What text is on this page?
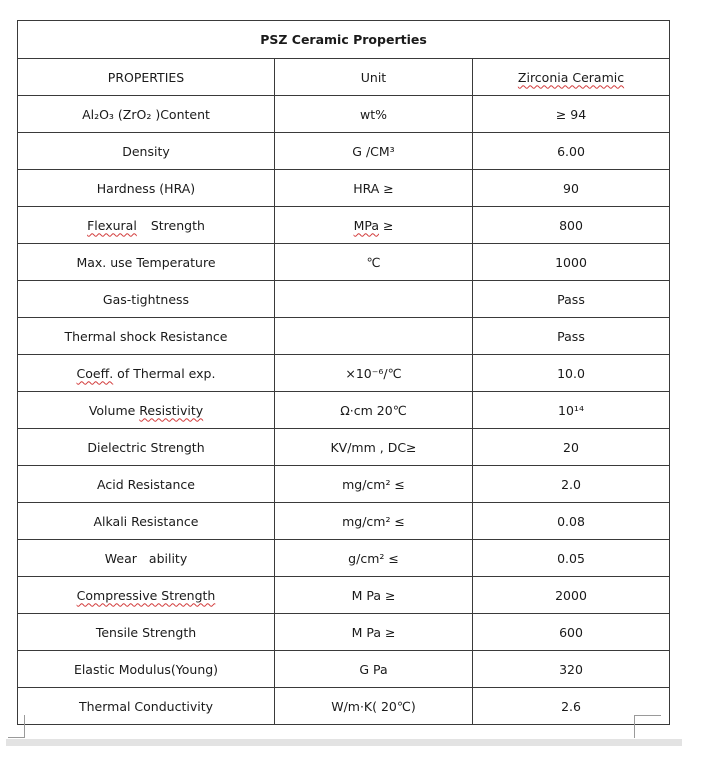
PSZ Ceramic Properties		
PROPERTIES	Unit	Zirconia Ceramic
Al₂O₃ (ZrO₂ )Content	wt%	≥ 94
Density	G /CM³	6.00
Hardness (HRA)	HRA ≥	90
Flexural Strength	MPa ≥	800
Max. use Temperature	℃	1000
Gas-tightness		Pass
Thermal shock Resistance		Pass
Coeff. of Thermal exp.	×10⁻⁶/℃	10.0
Volume Resistivity	Ω·cm 20℃	10¹⁴
Dielectric Strength	KV/mm , DC≥	20
Acid Resistance	mg/cm² ≤	2.0
Alkali Resistance	mg/cm² ≤	0.08
Wear ability	g/cm² ≤	0.05
Compressive Strength	M Pa ≥	2000
Tensile Strength	M Pa ≥	600
Elastic Modulus(Young)	G Pa	320
Thermal Conductivity	W/m·K( 20℃)	2.6
